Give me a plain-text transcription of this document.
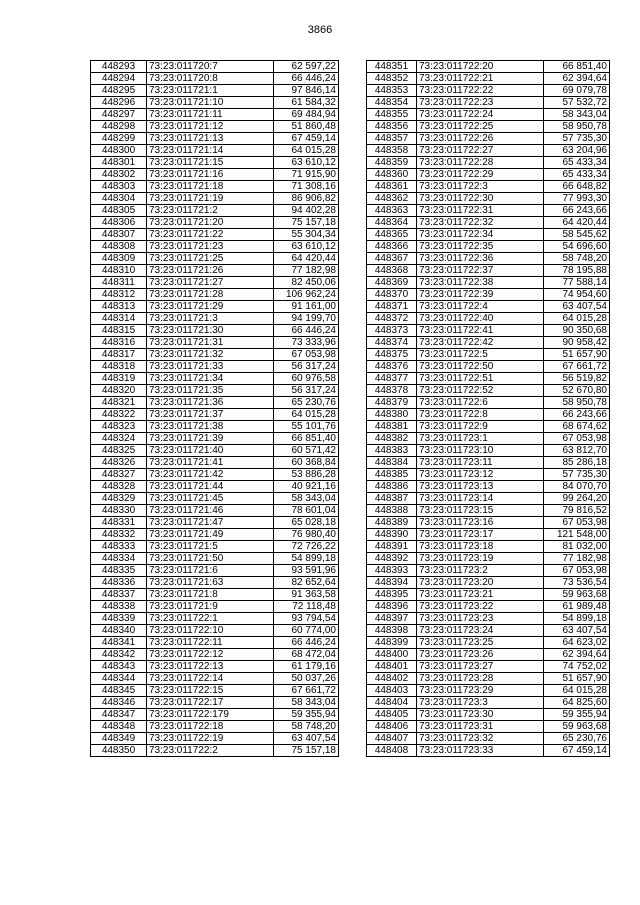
3866
448293	73:23:011720:7	62 597,22
448294	73:23:011720:8	66 446,24
448295	73:23:011721:1	97 846,14
448296	73:23:011721:10	61 584,32
448297	73:23:011721:11	69 484,94
448298	73:23:011721:12	51 860,48
448299	73:23:011721:13	67 459,14
448300	73:23:011721:14	64 015,28
448301	73:23:011721:15	63 610,12
448302	73:23:011721:16	71 915,90
448303	73:23:011721:18	71 308,16
448304	73:23:011721:19	86 906,82
448305	73:23:011721:2	94 402,28
448306	73:23:011721:20	75 157,18
448307	73:23:011721:22	55 304,34
448308	73:23:011721:23	63 610,12
448309	73:23:011721:25	64 420,44
448310	73:23:011721:26	77 182,98
448311	73:23:011721:27	82 450,06
448312	73:23:011721:28	106 962,24
448313	73:23:011721:29	91 161,00
448314	73:23:011721:3	94 199,70
448315	73:23:011721:30	66 446,24
448316	73:23:011721:31	73 333,96
448317	73:23:011721:32	67 053,98
448318	73:23:011721:33	56 317,24
448319	73:23:011721:34	60 976,58
448320	73:23:011721:35	56 317,24
448321	73:23:011721:36	65 230,76
448322	73:23:011721:37	64 015,28
448323	73:23:011721:38	55 101,76
448324	73:23:011721:39	66 851,40
448325	73:23:011721:40	60 571,42
448326	73:23:011721:41	60 368,84
448327	73:23:011721:42	53 886,28
448328	73:23:011721:44	40 921,16
448329	73:23:011721:45	58 343,04
448330	73:23:011721:46	78 601,04
448331	73:23:011721:47	65 028,18
448332	73:23:011721:49	76 980,40
448333	73:23:011721:5	72 726,22
448334	73:23:011721:50	54 899,18
448335	73:23:011721:6	93 591,96
448336	73:23:011721:63	82 652,64
448337	73:23:011721:8	91 363,58
448338	73:23:011721:9	72 118,48
448339	73:23:011722:1	93 794,54
448340	73:23:011722:10	60 774,00
448341	73:23:011722:11	66 446,24
448342	73:23:011722:12	68 472,04
448343	73:23:011722:13	61 179,16
448344	73:23:011722:14	50 037,26
448345	73:23:011722:15	67 661,72
448346	73:23:011722:17	58 343,04
448347	73:23:011722:179	59 355,94
448348	73:23:011722:18	58 748,20
448349	73:23:011722:19	63 407,54
448350	73:23:011722:2	75 157,18
448351	73:23:011722:20	66 851,40
448352	73:23:011722:21	62 394,64
448353	73:23:011722:22	69 079,78
448354	73:23:011722:23	57 532,72
448355	73:23:011722:24	58 343,04
448356	73:23:011722:25	58 950,78
448357	73:23:011722:26	57 735,30
448358	73:23:011722:27	63 204,96
448359	73:23:011722:28	65 433,34
448360	73:23:011722:29	65 433,34
448361	73:23:011722:3	66 648,82
448362	73:23:011722:30	77 993,30
448363	73:23:011722:31	66 243,66
448364	73:23:011722:32	64 420,44
448365	73:23:011722:34	58 545,62
448366	73:23:011722:35	54 696,60
448367	73:23:011722:36	58 748,20
448368	73:23:011722:37	78 195,88
448369	73:23:011722:38	77 588,14
448370	73:23:011722:39	74 954,60
448371	73:23:011722:4	63 407,54
448372	73:23:011722:40	64 015,28
448373	73:23:011722:41	90 350,68
448374	73:23:011722:42	90 958,42
448375	73:23:011722:5	51 657,90
448376	73:23:011722:50	67 661,72
448377	73:23:011722:51	56 519,82
448378	73:23:011722:52	52 670,80
448379	73:23:011722:6	58 950,78
448380	73:23:011722:8	66 243,66
448381	73:23:011722:9	68 674,62
448382	73:23:011723:1	67 053,98
448383	73:23:011723:10	63 812,70
448384	73:23:011723:11	85 286,18
448385	73:23:011723:12	57 735,30
448386	73:23:011723:13	84 070,70
448387	73:23:011723:14	99 264,20
448388	73:23:011723:15	79 816,52
448389	73:23:011723:16	67 053,98
448390	73:23:011723:17	121 548,00
448391	73:23:011723:18	81 032,00
448392	73:23:011723:19	77 182,98
448393	73:23:011723:2	67 053,98
448394	73:23:011723:20	73 536,54
448395	73:23:011723:21	59 963,68
448396	73:23:011723:22	61 989,48
448397	73:23:011723:23	54 899,18
448398	73:23:011723:24	63 407,54
448399	73:23:011723:25	64 623,02
448400	73:23:011723:26	62 394,64
448401	73:23:011723:27	74 752,02
448402	73:23:011723:28	51 657,90
448403	73:23:011723:29	64 015,28
448404	73:23:011723:3	64 825,60
448405	73:23:011723:30	59 355,94
448406	73:23:011723:31	59 963,68
448407	73:23:011723:32	65 230,76
448408	73:23:011723:33	67 459,14
